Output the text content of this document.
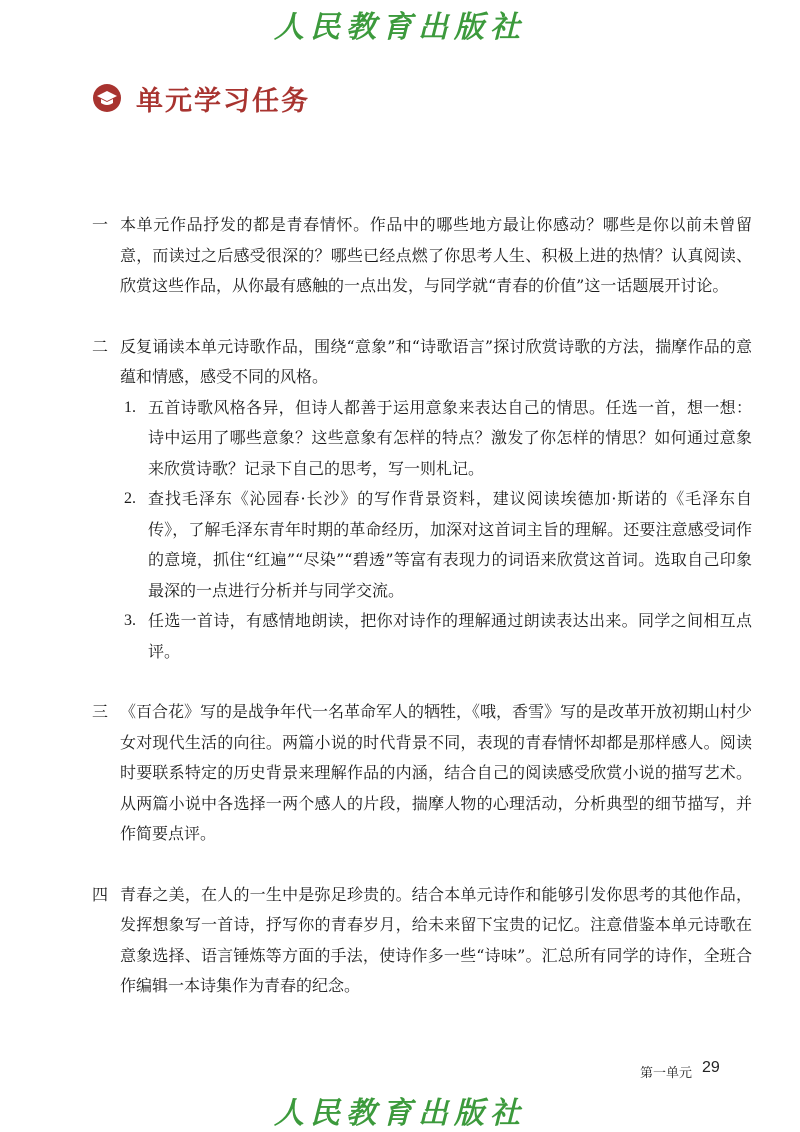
人民教育出版社
单元学习任务
一 本单元作品抒发的都是青春情怀。作品中的哪些地方最让你感动？哪些是你以前未曾留意，而读过之后感受很深的？哪些已经点燃了你思考人生、积极上进的热情？认真阅读、欣赏这些作品，从你最有感触的一点出发，与同学就“青春的价值”这一话题展开讨论。
二 反复诵读本单元诗歌作品，围绕“意象”和“诗歌语言”探讨欣赏诗歌的方法，揣摩作品的意蕴和情感，感受不同的风格。
1. 五首诗歌风格各异，但诗人都善于运用意象来表达自己的情思。任选一首，想一想：诗中运用了哪些意象？这些意象有怎样的特点？激发了你怎样的情思？如何通过意象来欣赏诗歌？记录下自己的思考，写一则札记。
2. 查找毛泽东《沁园春·长沙》的写作背景资料，建议阅读埃德加·斯诺的《毛泽东自传》，了解毛泽东青年时期的革命经历，加深对这首词主旨的理解。还要注意感受词作的意境，抓住“红遍”“尽染”“碧透”等富有表现力的词语来欣赏这首词。选取自己印象最深的一点进行分析并与同学交流。
3. 任选一首诗，有感情地朗读，把你对诗作的理解通过朗读表达出来。同学之间相互点评。
三 《百合花》写的是战争年代一名革命军人的牺牲，《哦，香雪》写的是改革开放初期山村少女对现代生活的向往。两篇小说的时代背景不同，表现的青春情怀却都是那样感人。阅读时要联系特定的历史背景来理解作品的内涵，结合自己的阅读感受欣赏小说的描写艺术。从两篇小说中各选择一两个感人的片段，揣摩人物的心理活动，分析典型的细节描写，并作简要点评。
四 青春之美，在人的一生中是弥足珍贵的。结合本单元诗作和能够引发你思考的其他作品，发挥想象写一首诗，抒写你的青春岁月，给未来留下宝贵的记忆。注意借鉴本单元诗歌在意象选择、语言锤炼等方面的手法，使诗作多一些“诗味”。汇总所有同学的诗作，全班合作编辑一本诗集作为青春的纪念。
第一单元 29
人民教育出版社
